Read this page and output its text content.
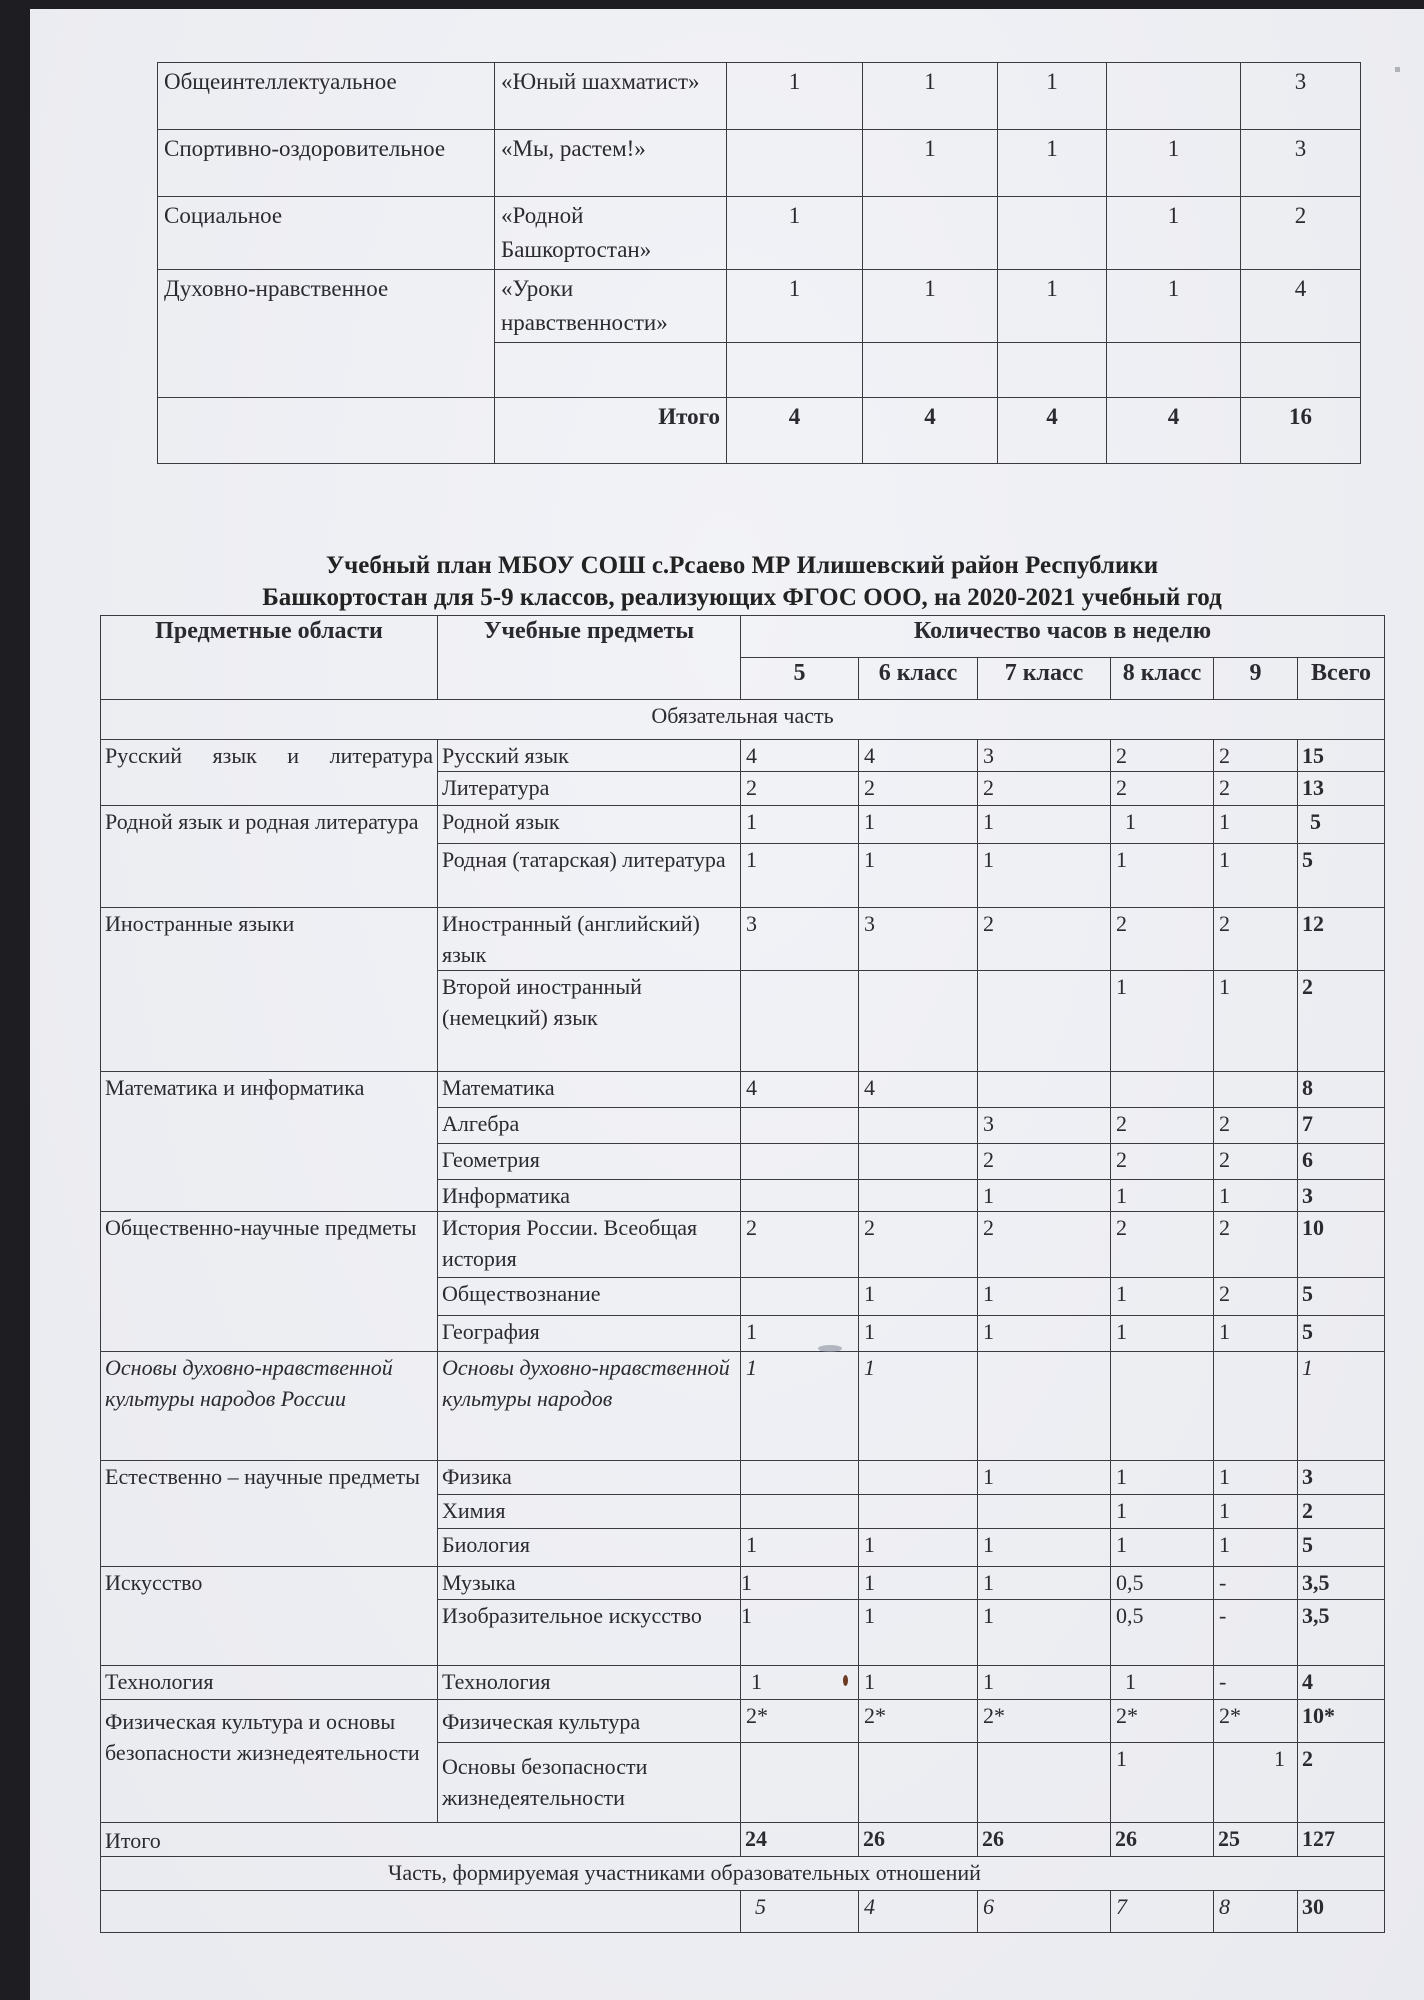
Общеинтеллектуальное	«Юный шахматист»	1	1	1		3
Спортивно-оздоровительное	«Мы, растем!»		1	1	1	3
Социальное	«Родной Башкортостан»	1			1	2
Духовно-нравственное	«Уроки нравственности»	1	1	1	1	4

	Итого	4	4	4	4	16
Учебный план МБОУ СОШ с.Рсаево МР Илишевский район Республики
Башкортостан для 5-9 классов, реализующих ФГОС ООО, на 2020-2021 учебный год
Предметные области	Учебные предметы	Количество часов в неделю					
		5	6 класс	7 класс	8 класс	9	Всего
Обязательная часть							
Русский язык и литература	Русский язык	4	4	3	2	2	15
	Литература	2	2	2	2	2	13
Родной язык и родная литература	Родной язык	1	1	1	1	1	5
	Родная (татарская) литература	1	1	1	1	1	5
Иностранные языки	Иностранный (английский) язык	3	3	2	2	2	12
	Второй иностранный (немецкий) язык				1	1	2
Математика и информатика	Математика	4	4				8
	Алгебра			3	2	2	7
	Геометрия			2	2	2	6
	Информатика			1	1	1	3
Общественно-научные предметы	История России. Всеобщая история	2	2	2	2	2	10
	Обществознание		1	1	1	2	5
	География	1	1	1	1	1	5
Основы духовно-нравственной культуры народов России	Основы духовно-нравственной культуры народов	1	1				1
Естественно – научные предметы	Физика			1	1	1	3
	Химия				1	1	2
	Биология	1	1	1	1	1	5
Искусство	Музыка	1	1	1	0,5	-	3,5
	Изобразительное искусство	1	1	1	0,5	-	3,5
Технология	Технология	1	1	1	1	-	4
Физическая культура и основы безопасности жизнедеятельности	Физическая культура	2*	2*	2*	2*	2*	10*
	Основы безопасности жизнедеятельности				1	1	2
Итого		24	26	26	26	25	127
Часть, формируемая участниками образовательных отношений							
		5	4	6	7	8	30
